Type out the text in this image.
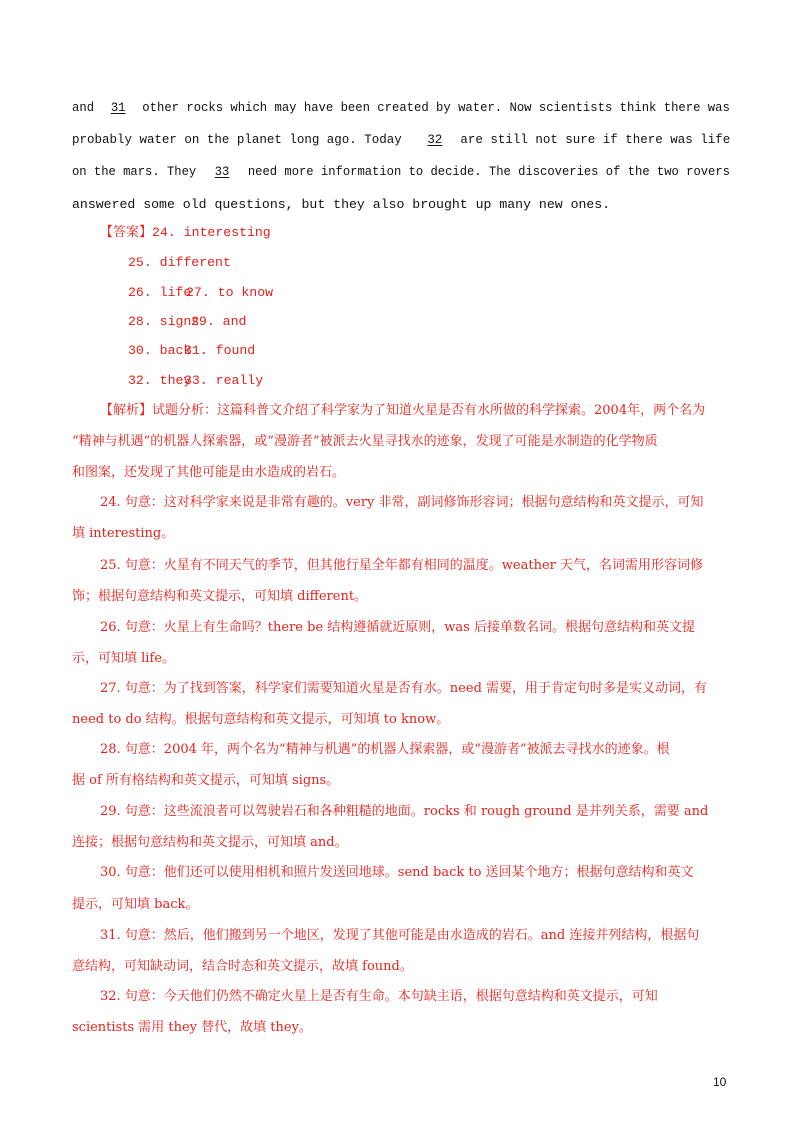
and 31 other rocks which may have been created by water. Now scientists think there was
probably water on the planet long ago. Today 32 are still not sure if there was life
on the mars. They 33 need more information to decide. The discoveries of the two rovers
answered some old questions, but they also brought up many new ones.
【答案】24. interesting
25. different
26. life27. to know
28. signs29. and
30. back31. found
32. they33. really
【解析】试题分析：这篇科普文介绍了科学家为了知道火星是否有水所做的科学探索。2004年，两个名为
“精神与机遇”的机器人探索器，或“漫游者”被派去火星寻找水的迹象，发现了可能是水制造的化学物质
和图案，还发现了其他可能是由水造成的岩石。
24. 句意：这对科学家来说是非常有趣的。very 非常，副词修饰形容词；根据句意结构和英文提示，可知
填 interesting。
25. 句意：火星有不同天气的季节，但其他行星全年都有相同的温度。weather 天气，名词需用形容词修
饰；根据句意结构和英文提示，可知填 different。
26. 句意：火星上有生命吗？there be 结构遵循就近原则，was 后接单数名词。根据句意结构和英文提
示，可知填 life。
27. 句意：为了找到答案，科学家们需要知道火星是否有水。need 需要，用于肯定句时多是实义动词，有
need to do 结构。根据句意结构和英文提示，可知填 to know。
28. 句意：2004 年，两个名为“精神与机遇”的机器人探索器，或“漫游者”被派去寻找水的迹象。根
据 of 所有格结构和英文提示，可知填 signs。
29. 句意：这些流浪者可以驾驶岩石和各种粗糙的地面。rocks 和 rough ground 是并列关系，需要 and
连接；根据句意结构和英文提示，可知填 and。
30. 句意：他们还可以使用相机和照片发送回地球。send back to 送回某个地方；根据句意结构和英文
提示，可知填 back。
31. 句意：然后，他们搬到另一个地区，发现了其他可能是由水造成的岩石。and 连接并列结构，根据句
意结构，可知缺动词，结合时态和英文提示，故填 found。
32. 句意：今天他们仍然不确定火星上是否有生命。本句缺主语，根据句意结构和英文提示，可知
scientists 需用 they 替代，故填 they。
10
